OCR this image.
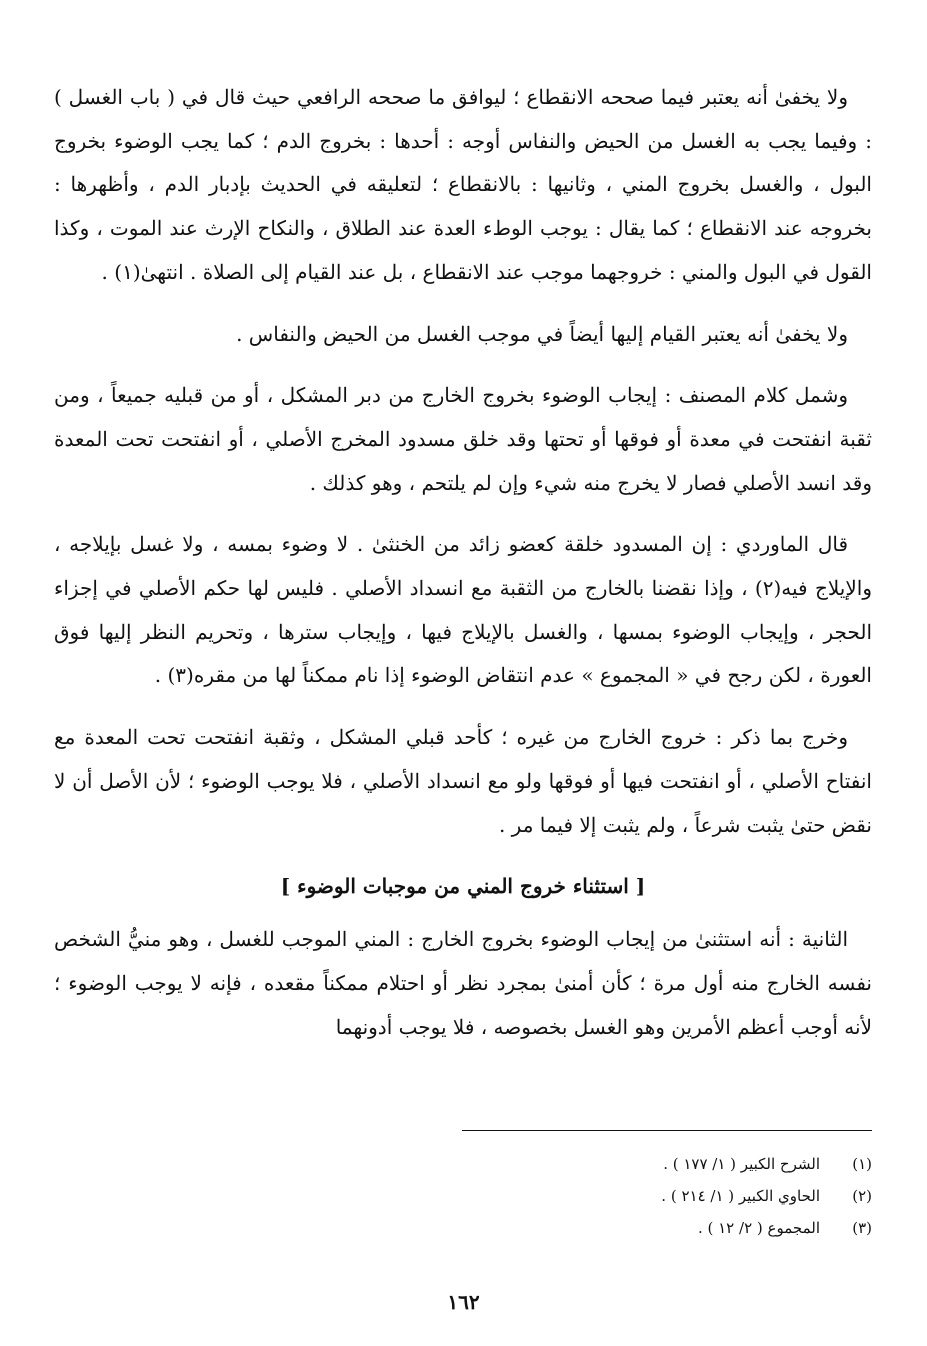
ولا يخفىٰ أنه يعتبر فيما صححه الانقطاع ؛ ليوافق ما صححه الرافعي حيث قال في ( باب الغسل ) : وفيما يجب به الغسل من الحيض والنفاس أوجه : أحدها : بخروج الدم ؛ كما يجب الوضوء بخروج البول ، والغسل بخروج المني ، وثانيها : بالانقطاع ؛ لتعليقه في الحديث بإدبار الدم ، وأظهرها : بخروجه عند الانقطاع ؛ كما يقال : يوجب الوطء العدة عند الطلاق ، والنكاح الإرث عند الموت ، وكذا القول في البول والمني : خروجهما موجب عند الانقطاع ، بل عند القيام إلى الصلاة . انتهىٰ(١) .

ولا يخفىٰ أنه يعتبر القيام إليها أيضاً في موجب الغسل من الحيض والنفاس .

وشمل كلام المصنف : إيجاب الوضوء بخروج الخارج من دبر المشكل ، أو من قبليه جميعاً ، ومن ثقبة انفتحت في معدة أو فوقها أو تحتها وقد خلق مسدود المخرج الأصلي ، أو انفتحت تحت المعدة وقد انسد الأصلي فصار لا يخرج منه شيء وإن لم يلتحم ، وهو كذلك .

قال الماوردي : إن المسدود خلقة كعضو زائد من الخنثىٰ . لا وضوء بمسه ، ولا غسل بإيلاجه ، والإيلاج فيه(٢) ، وإذا نقضنا بالخارج من الثقبة مع انسداد الأصلي . فليس لها حكم الأصلي في إجزاء الحجر ، وإيجاب الوضوء بمسها ، والغسل بالإيلاج فيها ، وإيجاب سترها ، وتحريم النظر إليها فوق العورة ، لكن رجح في « المجموع » عدم انتقاض الوضوء إذا نام ممكناً لها من مقره(٣) .

وخرج بما ذكر : خروج الخارج من غيره ؛ كأحد قبلي المشكل ، وثقبة انفتحت تحت المعدة مع انفتاح الأصلي ، أو انفتحت فيها أو فوقها ولو مع انسداد الأصلي ، فلا يوجب الوضوء ؛ لأن الأصل أن لا نقض حتىٰ يثبت شرعاً ، ولم يثبت إلا فيما مر .

[ استثناء خروج المني من موجبات الوضوء ]

الثانية : أنه استثنىٰ من إيجاب الوضوء بخروج الخارج : المني الموجب للغسل ، وهو منيُّ الشخص نفسه الخارج منه أول مرة ؛ كأن أمنىٰ بمجرد نظر أو احتلام ممكناً مقعده ، فإنه لا يوجب الوضوء ؛ لأنه أوجب أعظم الأمرين وهو الغسل بخصوصه ، فلا يوجب أدونهما

(١)
الشرح الكبير ( ١/ ١٧٧ ) .
(٢)
الحاوي الكبير ( ١/ ٢١٤ ) .
(٣)
المجموع ( ٢/ ١٢ ) .
١٦٢
